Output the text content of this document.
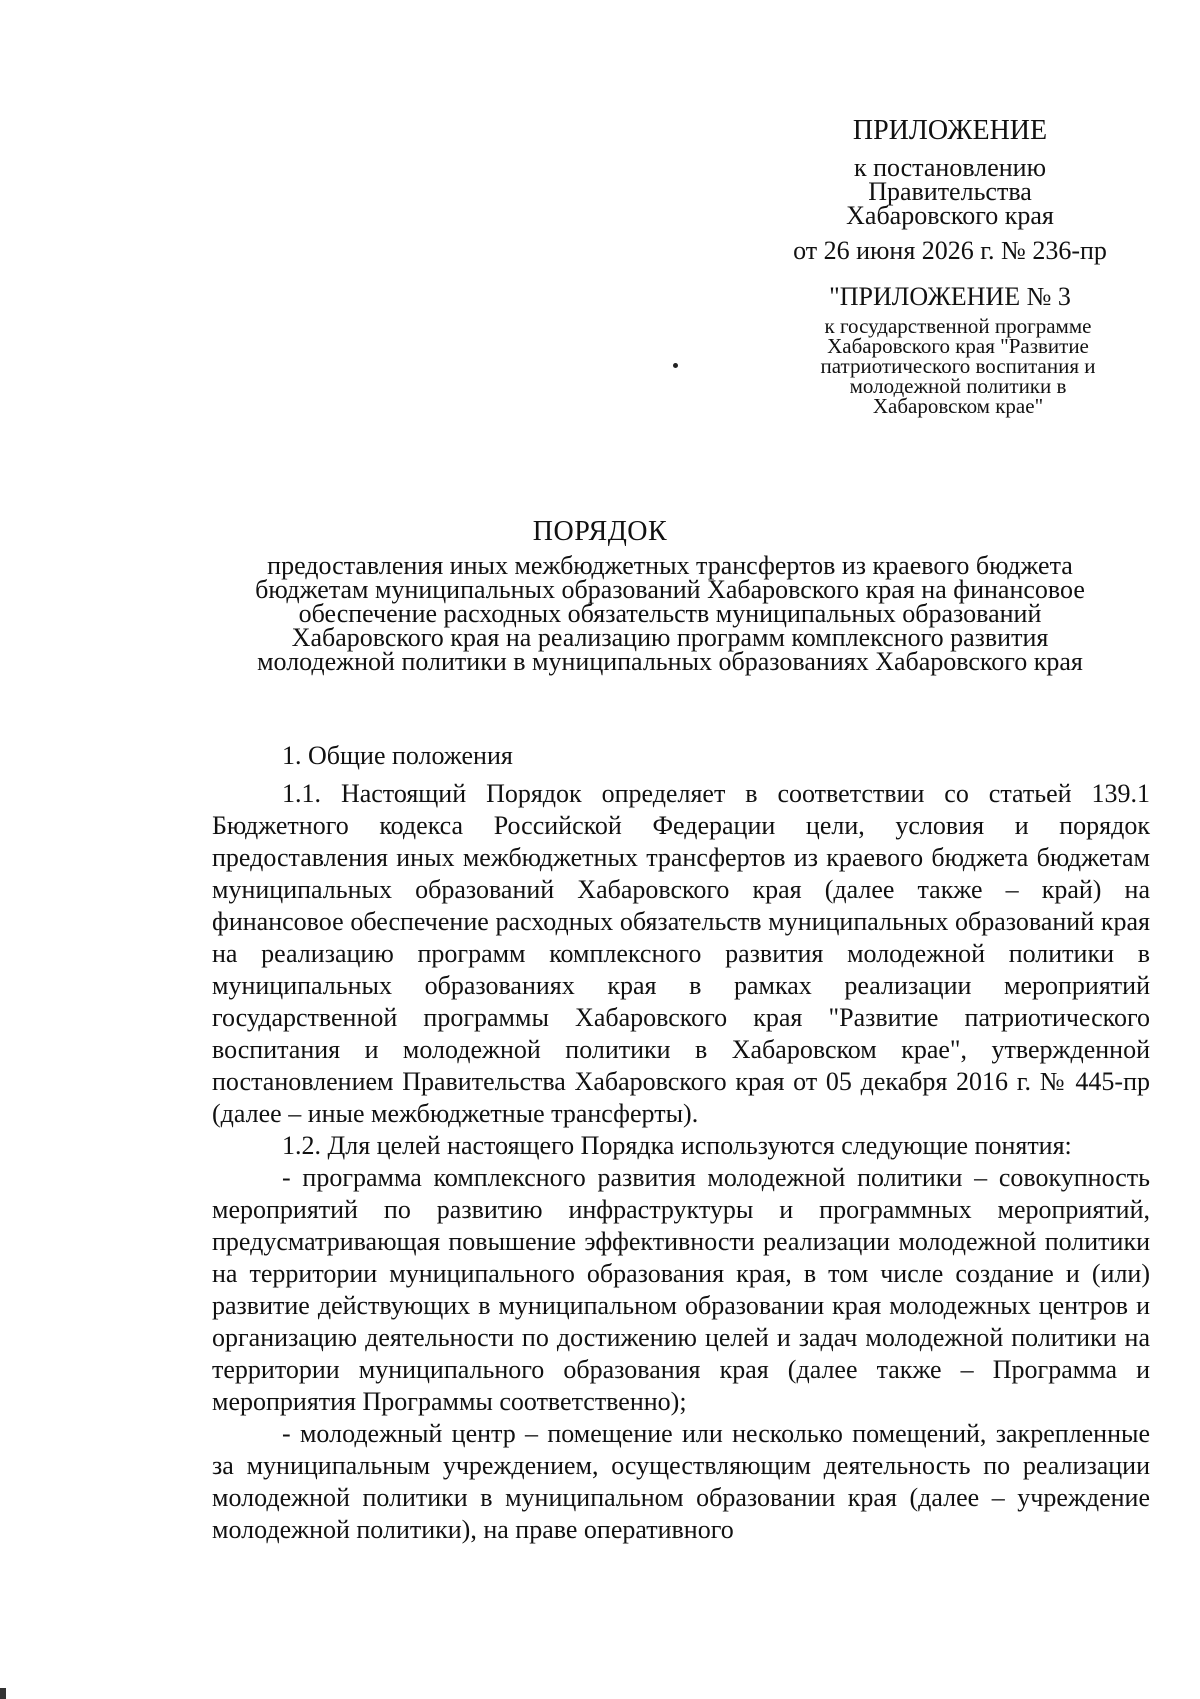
ПРИЛОЖЕНИЕ
к постановлению
Правительства
Хабаровского края
от 26 июня 2026 г. № 236-пр
"ПРИЛОЖЕНИЕ № 3
к государственной программе
Хабаровского края "Развитие
патриотического воспитания и
молодежной политики в
Хабаровском крае"
ПОРЯДОК
предоставления иных межбюджетных трансфертов из краевого бюджета
бюджетам муниципальных образований Хабаровского края на финансовое
обеспечение расходных обязательств муниципальных образований
Хабаровского края на реализацию программ комплексного развития
молодежной политики в муниципальных образованиях Хабаровского края
1. Общие положения

1.1. Настоящий Порядок определяет в соответствии со статьей 139.1 Бюджетного кодекса Российской Федерации цели, условия и порядок предоставления иных межбюджетных трансфертов из краевого бюджета бюджетам муниципальных образований Хабаровского края (далее также – край) на финансовое обеспечение расходных обязательств муниципальных образований края на реализацию программ комплексного развития молодежной политики в муниципальных образованиях края в рамках реализации мероприятий государственной программы Хабаровского края "Развитие патриотического воспитания и молодежной политики в Хабаровском крае", утвержденной постановлением Правительства Хабаровского края от 05 декабря 2016 г. № 445-пр (далее – иные межбюджетные трансферты).

1.2. Для целей настоящего Порядка используются следующие понятия:

- программа комплексного развития молодежной политики – совокупность мероприятий по развитию инфраструктуры и программных мероприятий, предусматривающая повышение эффективности реализации молодежной политики на территории муниципального образования края, в том числе создание и (или) развитие действующих в муниципальном образовании края молодежных центров и организацию деятельности по достижению целей и задач молодежной политики на территории муниципального образования края (далее также – Программа и мероприятия Программы соответственно);

- молодежный центр – помещение или несколько помещений, закрепленные за муниципальным учреждением, осуществляющим деятельность по реализации молодежной политики в муниципальном образовании края (далее – учреждение молодежной политики), на праве оперативного
